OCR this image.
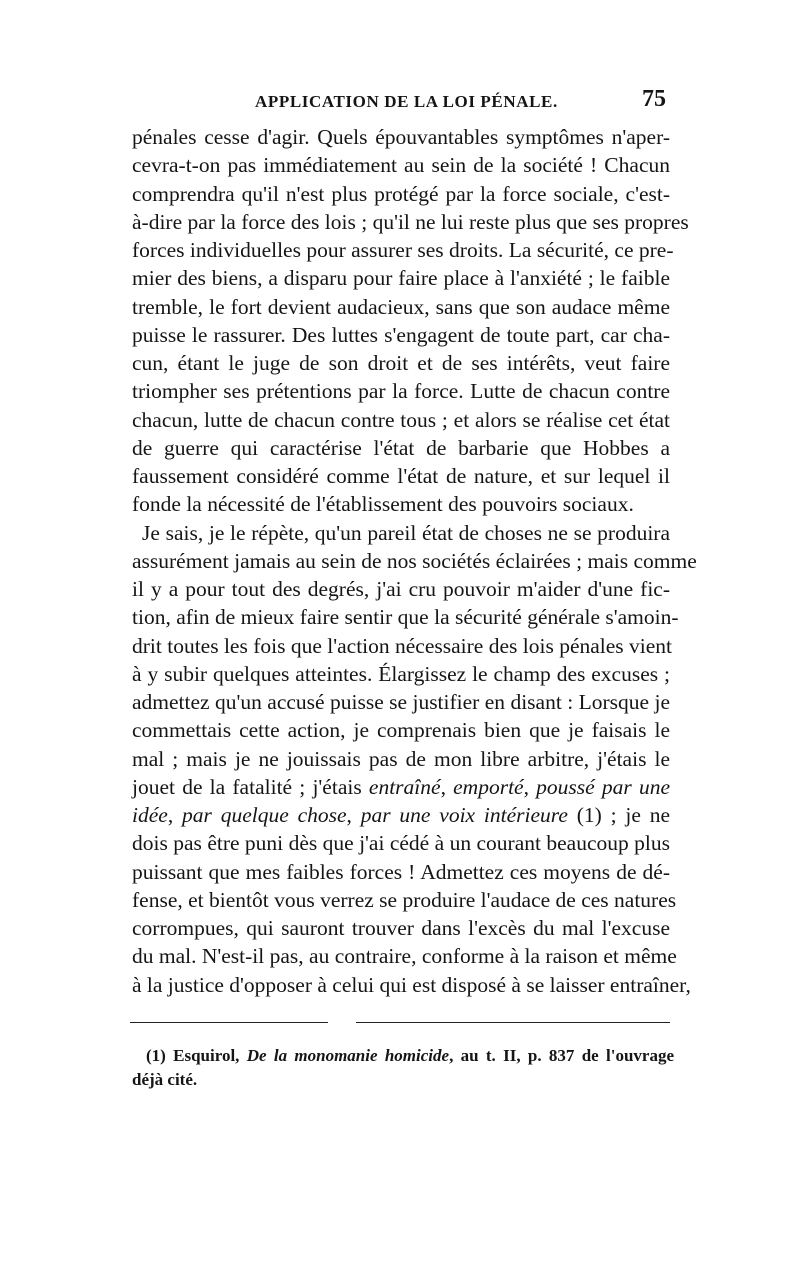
APPLICATION DE LA LOI PÉNALE.	75
pénales cesse d'agir. Quels épouvantables symptômes n'aper-
cevra-t-on pas immédiatement au sein de la société ! Chacun
comprendra qu'il n'est plus protégé par la force sociale, c'est-
à-dire par la force des lois ; qu'il ne lui reste plus que ses propres
forces individuelles pour assurer ses droits. La sécurité, ce pre-
mier des biens, a disparu pour faire place à l'anxiété ; le faible
tremble, le fort devient audacieux, sans que son audace même
puisse le rassurer. Des luttes s'engagent de toute part, car cha-
cun, étant le juge de son droit et de ses intérêts, veut faire
triompher ses prétentions par la force. Lutte de chacun contre
chacun, lutte de chacun contre tous ; et alors se réalise cet état
de guerre qui caractérise l'état de barbarie que Hobbes a
faussement considéré comme l'état de nature, et sur lequel il
fonde la nécessité de l'établissement des pouvoirs sociaux.
Je sais, je le répète, qu'un pareil état de choses ne se produira
assurément jamais au sein de nos sociétés éclairées ; mais comme
il y a pour tout des degrés, j'ai cru pouvoir m'aider d'une fic-
tion, afin de mieux faire sentir que la sécurité générale s'amoin-
drit toutes les fois que l'action nécessaire des lois pénales vient
à y subir quelques atteintes. Élargissez le champ des excuses ;
admettez qu'un accusé puisse se justifier en disant : Lorsque je
commettais cette action, je comprenais bien que je faisais le
mal ; mais je ne jouissais pas de mon libre arbitre, j'étais le
jouet de la fatalité ; j'étais entraîné, emporté, poussé par une
idée, par quelque chose, par une voix intérieure (1) ; je ne
dois pas être puni dès que j'ai cédé à un courant beaucoup plus
puissant que mes faibles forces ! Admettez ces moyens de dé-
fense, et bientôt vous verrez se produire l'audace de ces natures
corrompues, qui sauront trouver dans l'excès du mal l'excuse
du mal. N'est-il pas, au contraire, conforme à la raison et même
à la justice d'opposer à celui qui est disposé à se laisser entraîner,
(1) Esquirol, De la monomanie homicide, au t. II, p. 837 de l'ouvrage
déjà cité.
